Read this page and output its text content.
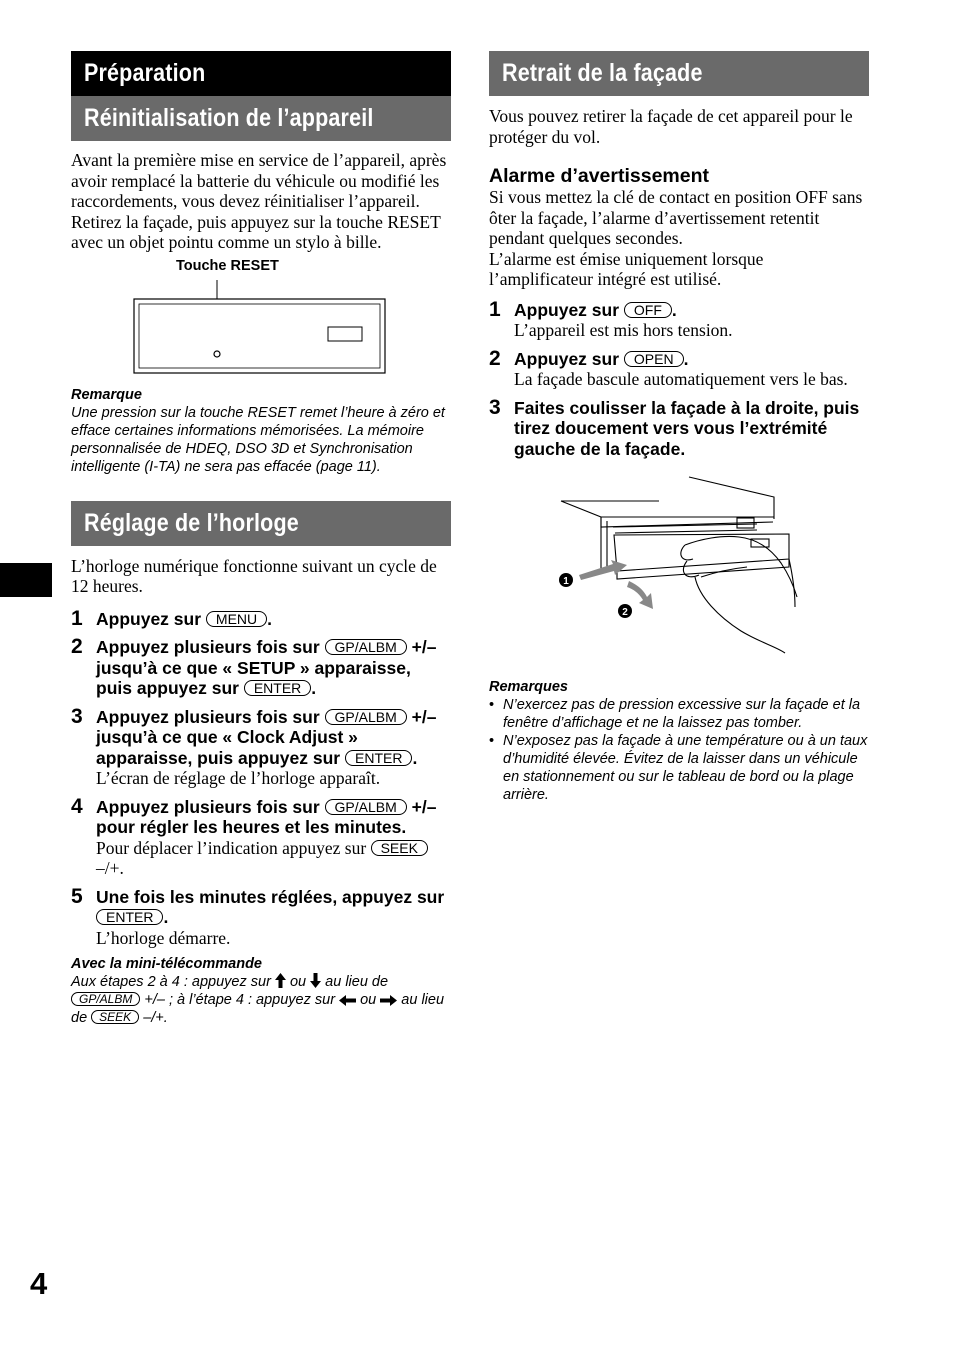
Préparation
Réinitialisation de l’appareil

Avant la première mise en service de l’appareil, après avoir remplacé la batterie du véhicule ou modifié les raccordements, vous devez réinitialiser l’appareil.

Retirez la façade, puis appuyez sur la touche RESET avec un objet pointu comme un stylo à bille.

Touche RESET
Remarque
Une pression sur la touche RESET remet l’heure à zéro et efface certaines informations mémorisées. La mémoire personnalisée de HDEQ, DSO 3D et Synchronisation intelligente (I-TA) ne sera pas effacée (page 11).
Réglage de l’horloge
L’horloge numérique fonctionne suivant un cycle de 12 heures.
1 Appuyez sur MENU .
2 Appuyez plusieurs fois sur GP/ALBM +/– jusqu’à ce que « SETUP » apparaisse, puis appuyez sur ENTER .
3 Appuyez plusieurs fois sur GP/ALBM +/– jusqu’à ce que « Clock Adjust » apparaisse, puis appuyez sur ENTER .
L’écran de réglage de l’horloge apparaît.
4 Appuyez plusieurs fois sur GP/ALBM +/– pour régler les heures et les minutes.
Pour déplacer l’indication appuyez sur SEEK –/+.
5 Une fois les minutes réglées, appuyez sur ENTER .
L’horloge démarre.
Avec la mini-télécommande
Aux étapes 2 à 4 : appuyez sur ou au lieu de GP/ALBM +/– ; à l’étape 4 : appuyez sur ou au lieu de SEEK –/+.
Retrait de la façade
Vous pouvez retirer la façade de cet appareil pour le protéger du vol.
Alarme d’avertissement

Si vous mettez la clé de contact en position OFF sans ôter la façade, l’alarme d’avertissement retentit pendant quelques secondes.

L’alarme est émise uniquement lorsque l’amplificateur intégré est utilisé.

1 Appuyez sur OFF .
L’appareil est mis hors tension.
2 Appuyez sur OPEN .
La façade bascule automatiquement vers le bas.
3 Faites coulisser la façade à la droite, puis tirez doucement vers vous l’extrémité gauche de la façade.
1
2
Remarques
• N’exercez pas de pression excessive sur la façade et la fenêtre d’affichage et ne la laissez pas tomber.
• N’exposez pas la façade à une température ou à un taux d’humidité élevée. Évitez de la laisser dans un véhicule en stationnement ou sur le tableau de bord ou la plage arrière.
4
